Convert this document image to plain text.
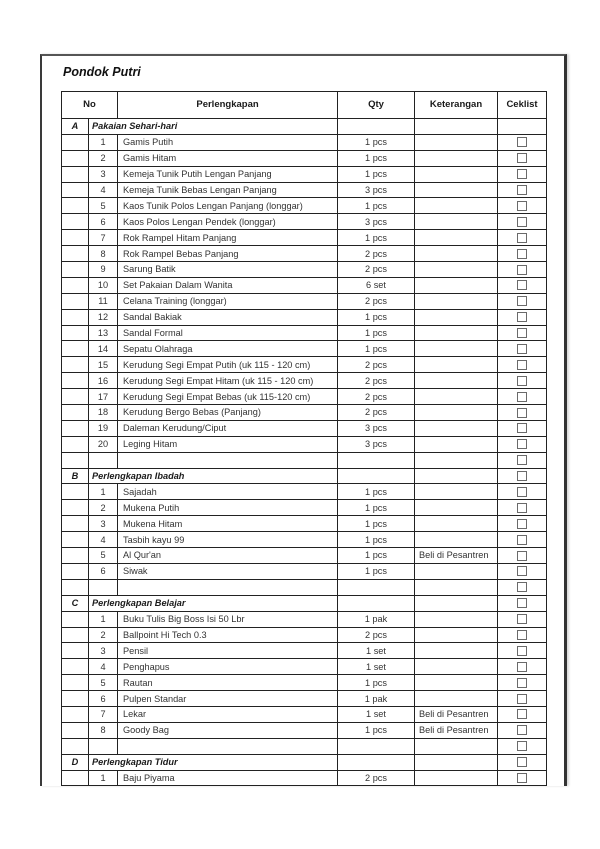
Pondok Putri
No		Perlengkapan	Qty	Keterangan	Ceklist
A	Pakaian Sehari-hari				
	1	Gamis Putih	1 pcs		
	2	Gamis Hitam	1 pcs		
	3	Kemeja Tunik Putih Lengan Panjang	1 pcs		
	4	Kemeja Tunik Bebas Lengan Panjang	3 pcs		
	5	Kaos Tunik Polos Lengan Panjang (longgar)	1 pcs		
	6	Kaos Polos Lengan Pendek (longgar)	3 pcs		
	7	Rok Rampel Hitam Panjang	1 pcs		
	8	Rok Rampel Bebas Panjang	2 pcs		
	9	Sarung Batik	2 pcs		
	10	Set Pakaian Dalam Wanita	6 set		
	11	Celana Training (longgar)	2 pcs		
	12	Sandal Bakiak	1 pcs		
	13	Sandal Formal	1 pcs		
	14	Sepatu Olahraga	1 pcs		
	15	Kerudung Segi Empat Putih (uk 115 - 120 cm)	2 pcs		
	16	Kerudung Segi Empat Hitam (uk 115 - 120 cm)	2 pcs		
	17	Kerudung Segi Empat Bebas (uk 115-120 cm)	2 pcs		
	18	Kerudung Bergo Bebas (Panjang)	2 pcs		
	19	Daleman Kerudung/Ciput	3 pcs		
	20	Leging Hitam	3 pcs		

B	Perlengkapan Ibadah				
	1	Sajadah	1 pcs		
	2	Mukena Putih	1 pcs		
	3	Mukena Hitam	1 pcs		
	4	Tasbih kayu 99	1 pcs		
	5	Al Qur'an	1 pcs	Beli di Pesantren	
	6	Siwak	1 pcs		

C	Perlengkapan Belajar				
	1	Buku Tulis Big Boss Isi 50 Lbr	1 pak		
	2	Ballpoint Hi Tech 0.3	2 pcs		
	3	Pensil	1 set		
	4	Penghapus	1 set		
	5	Rautan	1 pcs		
	6	Pulpen Standar	1 pak		
	7	Lekar	1 set	Beli di Pesantren	
	8	Goody Bag	1 pcs	Beli di Pesantren	

D	Perlengkapan Tidur				
	1	Baju Piyama	2 pcs		
